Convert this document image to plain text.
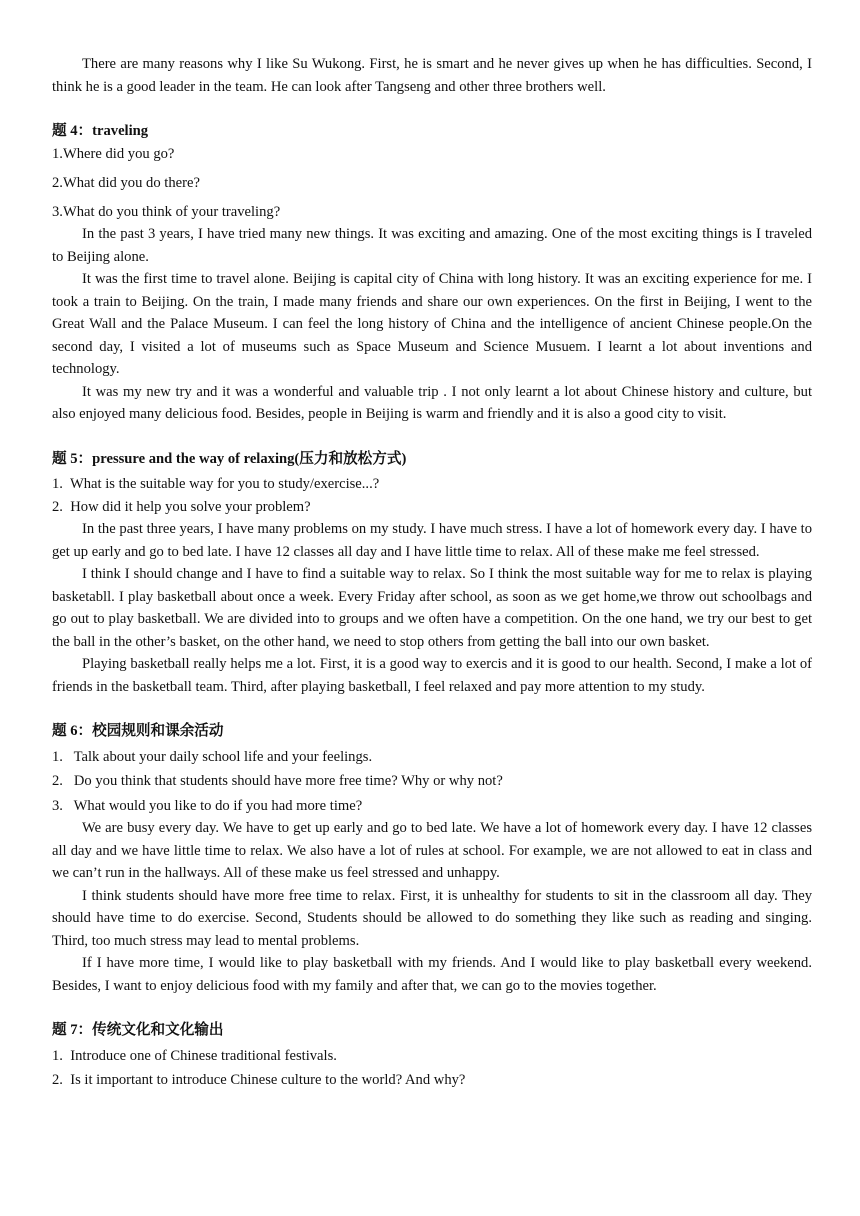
There are many reasons why I like Su Wukong. First, he is smart and he never gives up when he has difficulties. Second, I think he is a good leader in the team. He can look after Tangseng and other three brothers well.

题 4：traveling

1.Where did you go?

2.What did you do there?

3.What do you think of your traveling?

In the past 3 years, I have tried many new things. It was exciting and amazing. One of the most exciting things is I traveled to Beijing alone.

It was the first time to travel alone. Beijing is capital city of China with long history. It was an exciting experience for me. I took a train to Beijing. On the train, I made many friends and share our own experiences. On the first in Beijing, I went to the Great Wall and the Palace Museum. I can feel the long history of China and the intelligence of ancient Chinese people.On the second day, I visited a lot of museums such as Space Museum and Science Musuem. I learnt a lot about inventions and technology.

It was my new try and it was a wonderful and valuable trip . I not only learnt a lot about Chinese history and culture, but also enjoyed many delicious food. Besides, people in Beijing is warm and friendly and it is also a good city to visit.

题 5：pressure and the way of relaxing(压力和放松方式)

1.  What is the suitable way for you to study/exercise...?

2.  How did it help you solve your problem?

In the past three years, I have many problems on my study. I have much stress. I have a lot of homework every day. I have to get up early and go to bed late. I have 12 classes all day and I have little time to relax. All of these make me feel stressed.

I think I should change and I have to find a suitable way to relax. So I think the most suitable way for me to relax is playing basketabll. I play basketball about once a week. Every Friday after school, as soon as we get home,we throw out schoolbags and go out to play basketball. We are divided into to groups and we often have a competition. On the one hand, we try our best to get the ball in the other’s basket, on the other hand, we need to stop others from getting the ball into our own basket.

Playing basketball really helps me a lot. First, it is a good way to exercis and it is good to our health. Second, I make a lot of friends in the basketball team. Third, after playing basketball, I feel relaxed and pay more attention to my study.

题 6：校园规则和课余活动

1.   Talk about your daily school life and your feelings.

2.   Do you think that students should have more free time? Why or why not?

3.   What would you like to do if you had more time?

We are busy every day. We have to get up early and go to bed late. We have a lot of homework every day. I have 12 classes all day and we have little time to relax. We also have a lot of rules at school. For example, we are not allowed to eat in class and we can’t run in the hallways. All of these make us feel stressed and unhappy.

I think students should have more free time to relax. First, it is unhealthy for students to sit in the classroom all day. They should have time to do exercise. Second, Students should be allowed to do something they like such as reading and singing. Third, too much stress may lead to mental problems.

If I have more time, I would like to play basketball with my friends. And I would like to play basketball every weekend. Besides, I want to enjoy delicious food with my family and after that, we can go to the movies together.

题 7：传统文化和文化输出

1.  Introduce one of Chinese traditional festivals.

2.  Is it important to introduce Chinese culture to the world? And why?
